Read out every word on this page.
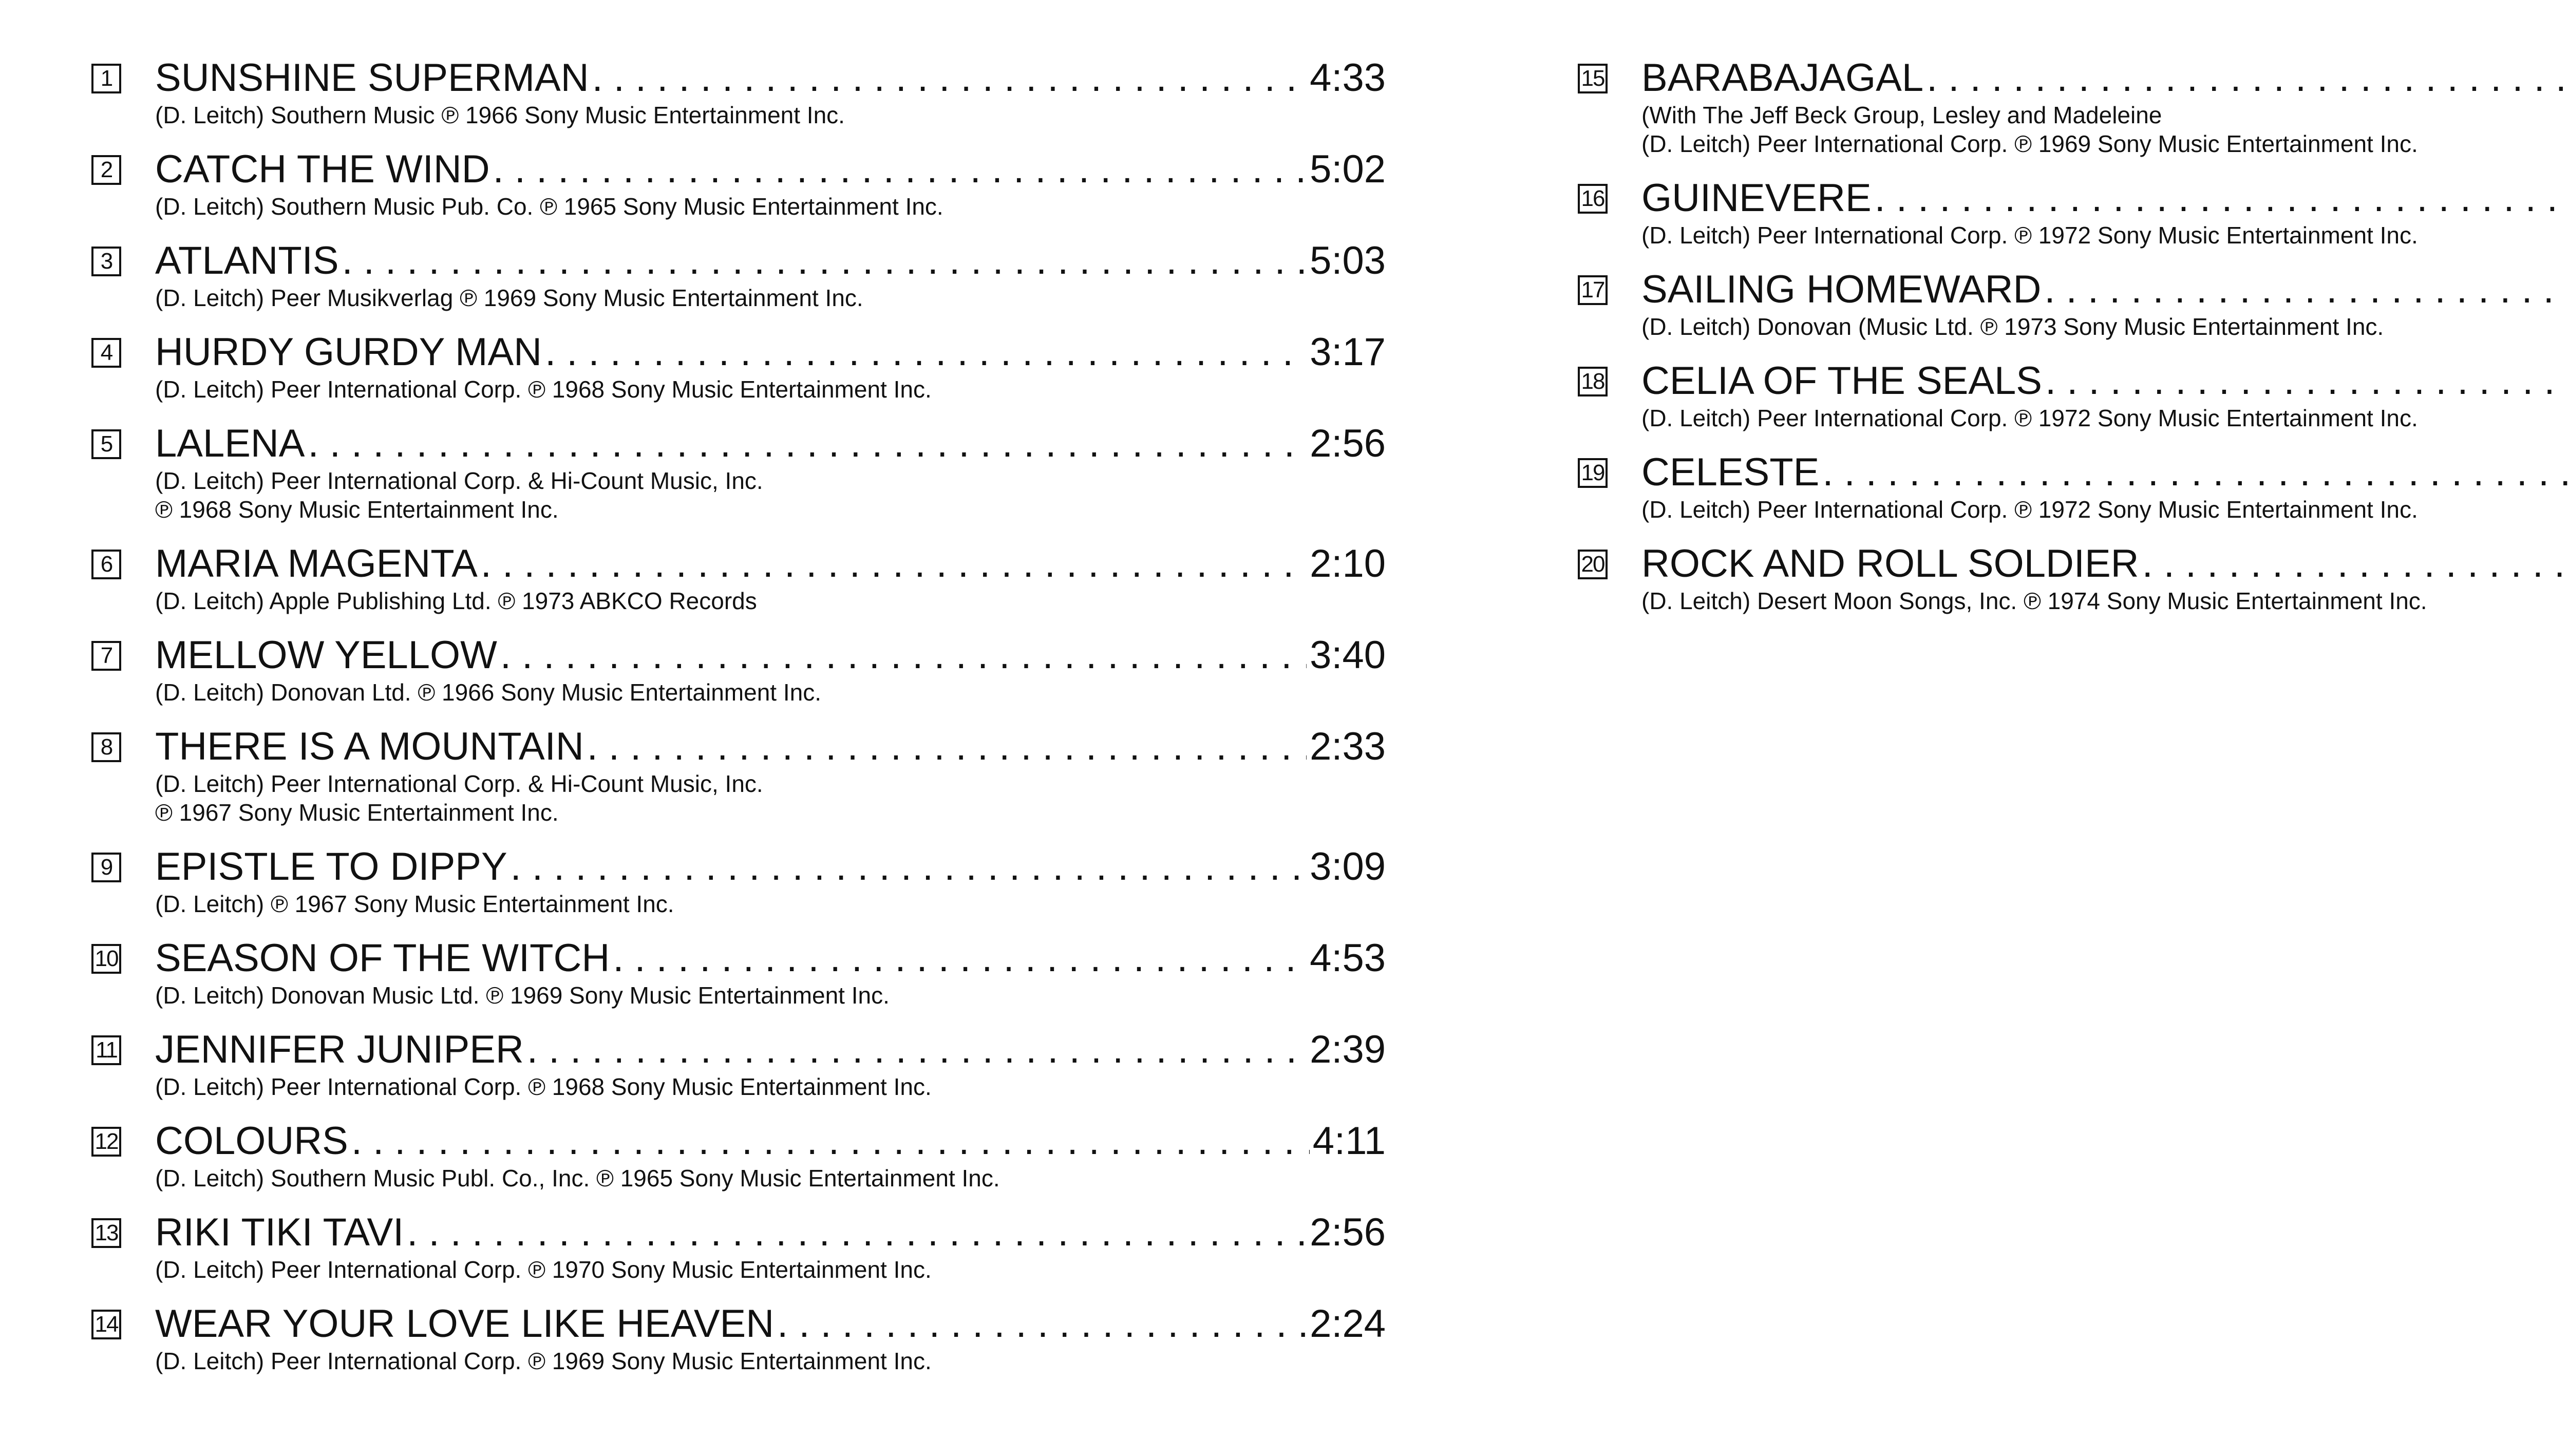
1 SUNSHINE SUPERMAN . . .	4:33
(D. Leitch) Southern Music ℗ 1966 Sony Music Entertainment Inc.
2 CATCH THE WIND . . .	5:02
(D. Leitch) Southern Music Pub. Co. ℗ 1965 Sony Music Entertainment Inc.
3 ATLANTIS . . .	5:03
(D. Leitch) Peer Musikverlag ℗ 1969 Sony Music Entertainment Inc.
4 HURDY GURDY MAN . . .	3:17
(D. Leitch) Peer International Corp. ℗ 1968 Sony Music Entertainment Inc.
5 LALENA . . .	2:56
(D. Leitch) Peer International Corp. & Hi-Count Music, Inc.
℗ 1968 Sony Music Entertainment Inc.
6 MARIA MAGENTA . . .	2:10
(D. Leitch) Apple Publishing Ltd. ℗ 1973 ABKCO Records
7 MELLOW YELLOW . . .	3:40
(D. Leitch) Donovan Ltd. ℗ 1966 Sony Music Entertainment Inc.
8 THERE IS A MOUNTAIN . . .	2:33
(D. Leitch) Peer International Corp. & Hi-Count Music, Inc.
℗ 1967 Sony Music Entertainment Inc.
9 EPISTLE TO DIPPY . . .	3:09
(D. Leitch) ℗ 1967 Sony Music Entertainment Inc.
10 SEASON OF THE WITCH . . .	4:53
(D. Leitch) Donovan Music Ltd. ℗ 1969 Sony Music Entertainment Inc.
11 JENNIFER JUNIPER . . .	2:39
(D. Leitch) Peer International Corp. ℗ 1968 Sony Music Entertainment Inc.
12 COLOURS . . .	4:11
(D. Leitch) Southern Music Publ. Co., Inc. ℗ 1965 Sony Music Entertainment Inc.
13 RIKI TIKI TAVI . . .	2:56
(D. Leitch) Peer International Corp. ℗ 1970 Sony Music Entertainment Inc.
14 WEAR YOUR LOVE LIKE HEAVEN . . .	2:24
(D. Leitch) Peer International Corp. ℗ 1969 Sony Music Entertainment Inc.
15 BARABAJAGAL
. . .
(With The Jeff Beck Group, Lesley and Madeleine
(D. Leitch) Peer International Corp. ℗ 1969 Sony Music Entertainment Inc.
16 GUINEVERE
. . .
(D. Leitch) Peer International Corp. ℗ 1972 Sony Music Entertainment Inc.
17 SAILING HOMEWARD
. . .
(D. Leitch) Donovan (Music Ltd. ℗ 1973 Sony Music Entertainment Inc.
18 CELIA OF THE SEALS
. . .
(D. Leitch) Peer International Corp. ℗ 1972 Sony Music Entertainment Inc.
19 CELESTE
. . .
(D. Leitch) Peer International Corp. ℗ 1972 Sony Music Entertainment Inc.
20 ROCK AND ROLL SOLDIER
. . .
(D. Leitch) Desert Moon Songs, Inc. ℗ 1974 Sony Music Entertainment Inc.
